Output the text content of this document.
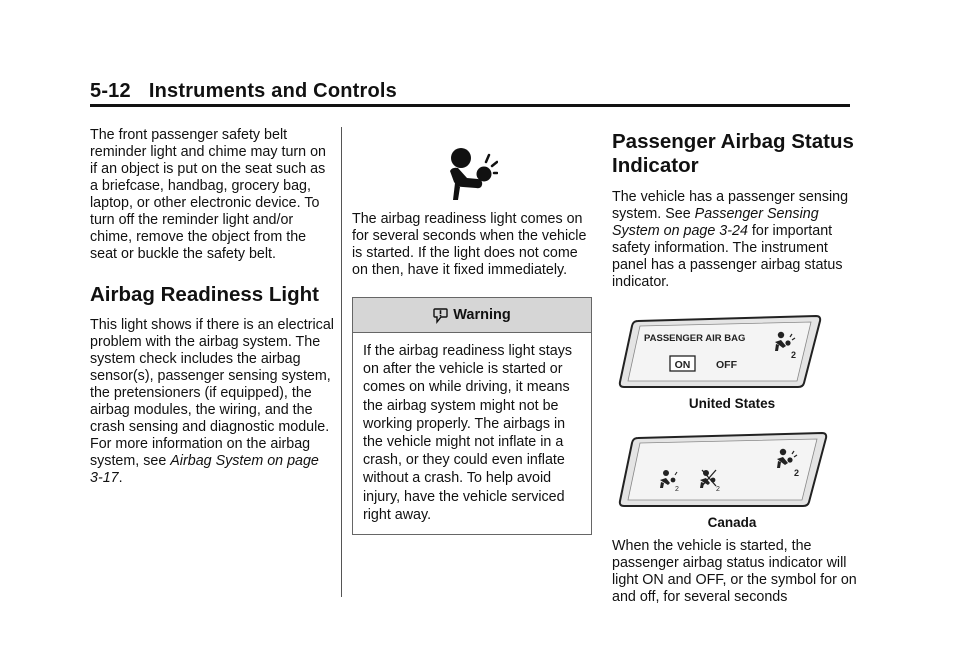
5-12 Instruments and Controls

The front passenger safety belt reminder light and chime may turn on if an object is put on the seat such as a briefcase, handbag, grocery bag, laptop, or other electronic device. To turn off the reminder light and/or chime, remove the object from the seat or buckle the safety belt.

Airbag Readiness Light

This light shows if there is an electrical problem with the airbag system. The system check includes the airbag sensor(s), passenger sensing system, the pretensioners (if equipped), the airbag modules, the wiring, and the crash sensing and diagnostic module. For more information on the airbag system, see Airbag System on page 3-17.

The airbag readiness light comes on for several seconds when the vehicle is started. If the light does not come on then, have it fixed immediately.

Warning
If the airbag readiness light stays on after the vehicle is started or comes on while driving, it means the airbag system might not be working properly. The airbags in the vehicle might not inflate in a crash, or they could even inflate without a crash. To help avoid injury, have the vehicle serviced right away.
Passenger Airbag Status Indicator

The vehicle has a passenger sensing system. See Passenger Sensing System on page 3-24 for important safety information. The instrument panel has a passenger airbag status indicator.

PASSENGER AIR BAG
ON OFF
2
United States
2
2	2
Canada

When the vehicle is started, the passenger airbag status indicator will light ON and OFF, or the symbol for on and off, for several seconds
